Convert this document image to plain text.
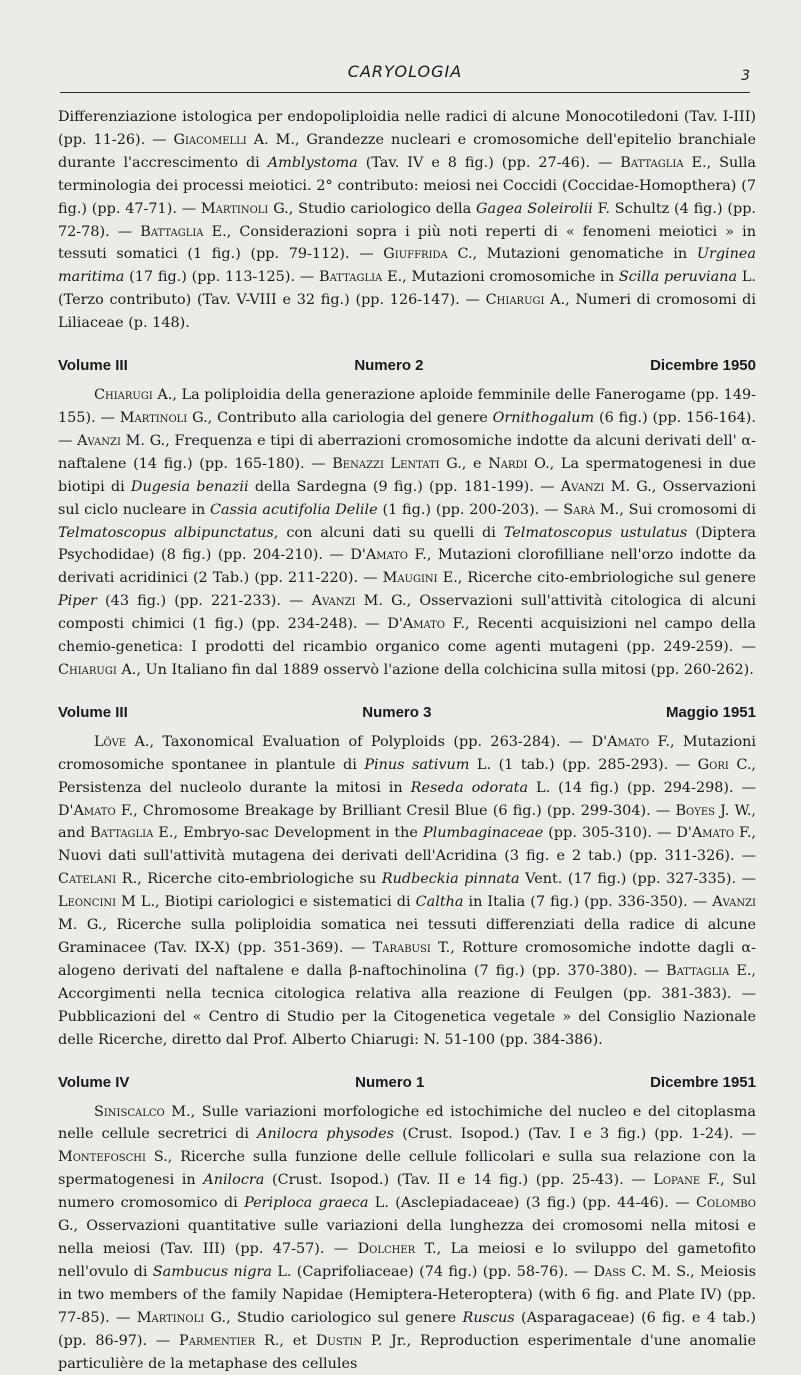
CARYOLOGIA	3

Differenziazione istologica per endopoliploidia nelle radici di alcune Monocotiledoni (Tav. I-III) (pp. 11-26). — Giacomelli A. M., Grandezze nucleari e cromosomiche dell'epitelio branchiale durante l'accrescimento di Amblystoma (Tav. IV e 8 fig.) (pp. 27-46). — Battaglia E., Sulla terminologia dei processi meiotici. 2° contributo: meiosi nei Coccidi (Coccidae-Homopthera) (7 fig.) (pp. 47-71). — Martinoli G., Studio cariologico della Gagea Soleirolii F. Schultz (4 fig.) (pp. 72-78). — Battaglia E., Considerazioni sopra i più noti reperti di « fenomeni meiotici » in tessuti somatici (1 fig.) (pp. 79-112). — Giuffrida C., Mutazioni genomatiche in Urginea maritima (17 fig.) (pp. 113-125). — Battaglia E., Mutazioni cromosomiche in Scilla peruviana L. (Terzo contributo) (Tav. V-VIII e 32 fig.) (pp. 126-147). — Chiarugi A., Numeri di cromosomi di Liliaceae (p. 148).

Volume III	Numero 2	Dicembre 1950

Chiarugi A., La poliploidia della generazione aploide femminile delle Fanerogame (pp. 149-155). — Martinoli G., Contributo alla cariologia del genere Ornithogalum (6 fig.) (pp. 156-164). — Avanzi M. G., Frequenza e tipi di aberrazioni cromosomiche indotte da alcuni derivati dell' α-naftalene (14 fig.) (pp. 165-180). — Benazzi Lentati G., e Nardi O., La spermatogenesi in due biotipi di Dugesia benazii della Sardegna (9 fig.) (pp. 181-199). — Avanzi M. G., Osservazioni sul ciclo nucleare in Cassia acutifolia Delile (1 fig.) (pp. 200-203). — Sarà M., Sui cromosomi di Telmatoscopus albipunctatus, con alcuni dati su quelli di Telmatoscopus ustulatus (Diptera Psychodidae) (8 fig.) (pp. 204-210). — D'Amato F., Mutazioni clorofilliane nell'orzo indotte da derivati acridinici (2 Tab.) (pp. 211-220). — Maugini E., Ricerche cito-embriologiche sul genere Piper (43 fig.) (pp. 221-233). — Avanzi M. G., Osservazioni sull'attività citologica di alcuni composti chimici (1 fig.) (pp. 234-248). — D'Amato F., Recenti acquisizioni nel campo della chemio-genetica: I prodotti del ricambio organico come agenti mutageni (pp. 249-259). — Chiarugi A., Un Italiano fin dal 1889 osservò l'azione della colchicina sulla mitosi (pp. 260-262).

Volume III	Numero 3	Maggio 1951

Löve A., Taxonomical Evaluation of Polyploids (pp. 263-284). — D'Amato F., Mutazioni cromosomiche spontanee in plantule di Pinus sativum L. (1 tab.) (pp. 285-293). — Gori C., Persistenza del nucleolo durante la mitosi in Reseda odorata L. (14 fig.) (pp. 294-298). — D'Amato F., Chromosome Breakage by Brilliant Cresil Blue (6 fig.) (pp. 299-304). — Boyes J. W., and Battaglia E., Embryo-sac Development in the Plumbaginaceae (pp. 305-310). — D'Amato F., Nuovi dati sull'attività mutagena dei derivati dell'Acridina (3 fig. e 2 tab.) (pp. 311-326). — Catelani R., Ricerche cito-embriologiche su Rudbeckia pinnata Vent. (17 fig.) (pp. 327-335). — Leoncini M L., Biotipi cariologici e sistematici di Caltha in Italia (7 fig.) (pp. 336-350). — Avanzi M. G., Ricerche sulla poliploidia somatica nei tessuti differenziati della radice di alcune Graminacee (Tav. IX-X) (pp. 351-369). — Tarabusi T., Rotture cromosomiche indotte dagli α-alogeno derivati del naftalene e dalla β-naftochinolina (7 fig.) (pp. 370-380). — Battaglia E., Accorgimenti nella tecnica citologica relativa alla reazione di Feulgen (pp. 381-383). — Pubblicazioni del « Centro di Studio per la Citogenetica vegetale » del Consiglio Nazionale delle Ricerche, diretto dal Prof. Alberto Chiarugi: N. 51-100 (pp. 384-386).

Volume IV	Numero 1	Dicembre 1951

Siniscalco M., Sulle variazioni morfologiche ed istochimiche del nucleo e del citoplasma nelle cellule secretrici di Anilocra physodes (Crust. Isopod.) (Tav. I e 3 fig.) (pp. 1-24). — Montefoschi S., Ricerche sulla funzione delle cellule follicolari e sulla sua relazione con la spermatogenesi in Anilocra (Crust. Isopod.) (Tav. II e 14 fig.) (pp. 25-43). — Lopane F., Sul numero cromosomico di Periploca graeca L. (Asclepiadaceae) (3 fig.) (pp. 44-46). — Colombo G., Osservazioni quantitative sulle variazioni della lunghezza dei cromosomi nella mitosi e nella meiosi (Tav. III) (pp. 47-57). — Dolcher T., La meiosi e lo sviluppo del gametofito nell'ovulo di Sambucus nigra L. (Caprifoliaceae) (74 fig.) (pp. 58-76). — Dass C. M. S., Meiosis in two members of the family Napidae (Hemiptera-Heteroptera) (with 6 fig. and Plate IV) (pp. 77-85). — Martinoli G., Studio cariologico sul genere Ruscus (Asparagaceae) (6 fig. e 4 tab.) (pp. 86-97). — Parmentier R., et Dustin P. Jr., Reproduction esperimentale d'une anomalie particulière de la metaphase des cellules
